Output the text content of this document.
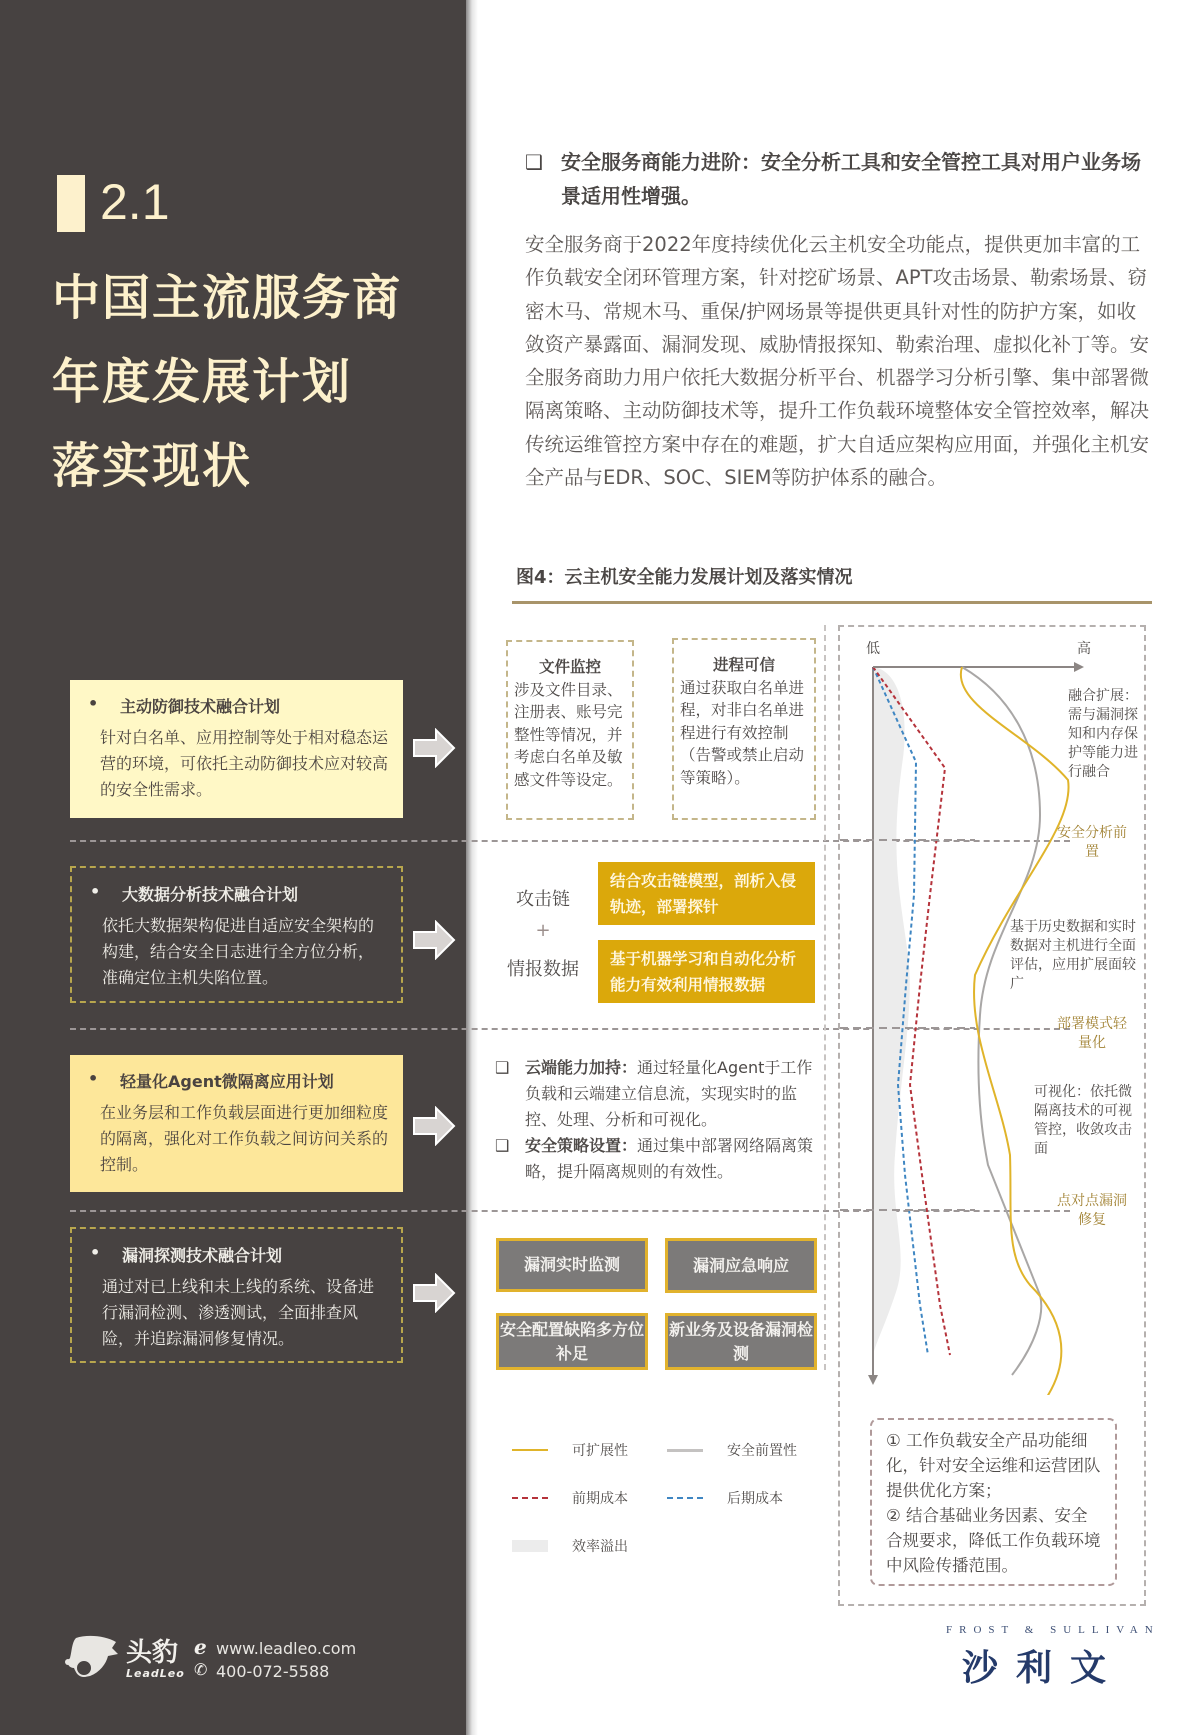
2.1
中国主流服务商
年度发展计划
落实现状
•	主动防御技术融合计划
针对白名单、应用控制等处于相对稳态运营的环境，可依托主动防御技术应对较高的安全性需求。
•	大数据分析技术融合计划
依托大数据架构促进自适应安全架构的构建，结合安全日志进行全方位分析，准确定位主机失陷位置。
•	轻量化Agent微隔离应用计划
在业务层和工作负载层面进行更加细粒度的隔离，强化对工作负载之间访问关系的控制。
•	漏洞探测技术融合计划
通过对已上线和未上线的系统、设备进行漏洞检测、渗透测试，全面排查风险，并追踪漏洞修复情况。
❑ 安全服务商能力进阶：安全分析工具和安全管控工具对用户业务场景适用性增强。
安全服务商于2022年度持续优化云主机安全功能点，提供更加丰富的工作负载安全闭环管理方案，针对挖矿场景、APT攻击场景、勒索场景、窃密木马、常规木马、重保/护网场景等提供更具针对性的防护方案，如收敛资产暴露面、漏洞发现、威胁情报探知、勒索治理、虚拟化补丁等。安全服务商助力用户依托大数据分析平台、机器学习分析引擎、集中部署微隔离策略、主动防御技术等，提升工作负载环境整体安全管控效率，解决传统运维管控方案中存在的难题，扩大自适应架构应用面，并强化主机安全产品与EDR、SOC、SIEM等防护体系的融合。
图4：云主机安全能力发展计划及落实情况
文件监控
涉及文件目录、注册表、账号完整性等情况，并考虑白名单及敏感文件等设定。
进程可信
通过获取白名单进程，对非白名单进程进行有效控制（告警或禁止启动等策略）。
攻击链
+
情报数据
结合攻击链模型，剖析入侵轨迹，部署探针
基于机器学习和自动化分析能力有效利用情报数据
❑ 云端能力加持：通过轻量化Agent于工作负载和云端建立信息流，实现实时的监控、处理、分析和可视化。
❑ 安全策略设置：通过集中部署网络隔离策略，提升隔离规则的有效性。
漏洞实时监测	漏洞应急响应
安全配置缺陷多方位补足
新业务及设备漏洞检测
可扩展性	安全前置性
前期成本	后期成本
效率溢出
低	高
融合扩展：需与漏洞探知和内存保护等能力进行融合
安全分析前置
基于历史数据和实时数据对主机进行全面评估，应用扩展面较广
部署模式轻量化
可视化：依托微隔离技术的可视管控，收敛攻击面
点对点漏洞修复
① 工作负载安全产品功能细化，针对安全运维和运营团队提供优化方案；
② 结合基础业务因素、安全合规要求，降低工作负载环境中风险传播范围。
头豹
LeadLeo
ℯ
✆
www.leadleo.com
400-072-5588
FROST & SULLIVAN
沙利文
